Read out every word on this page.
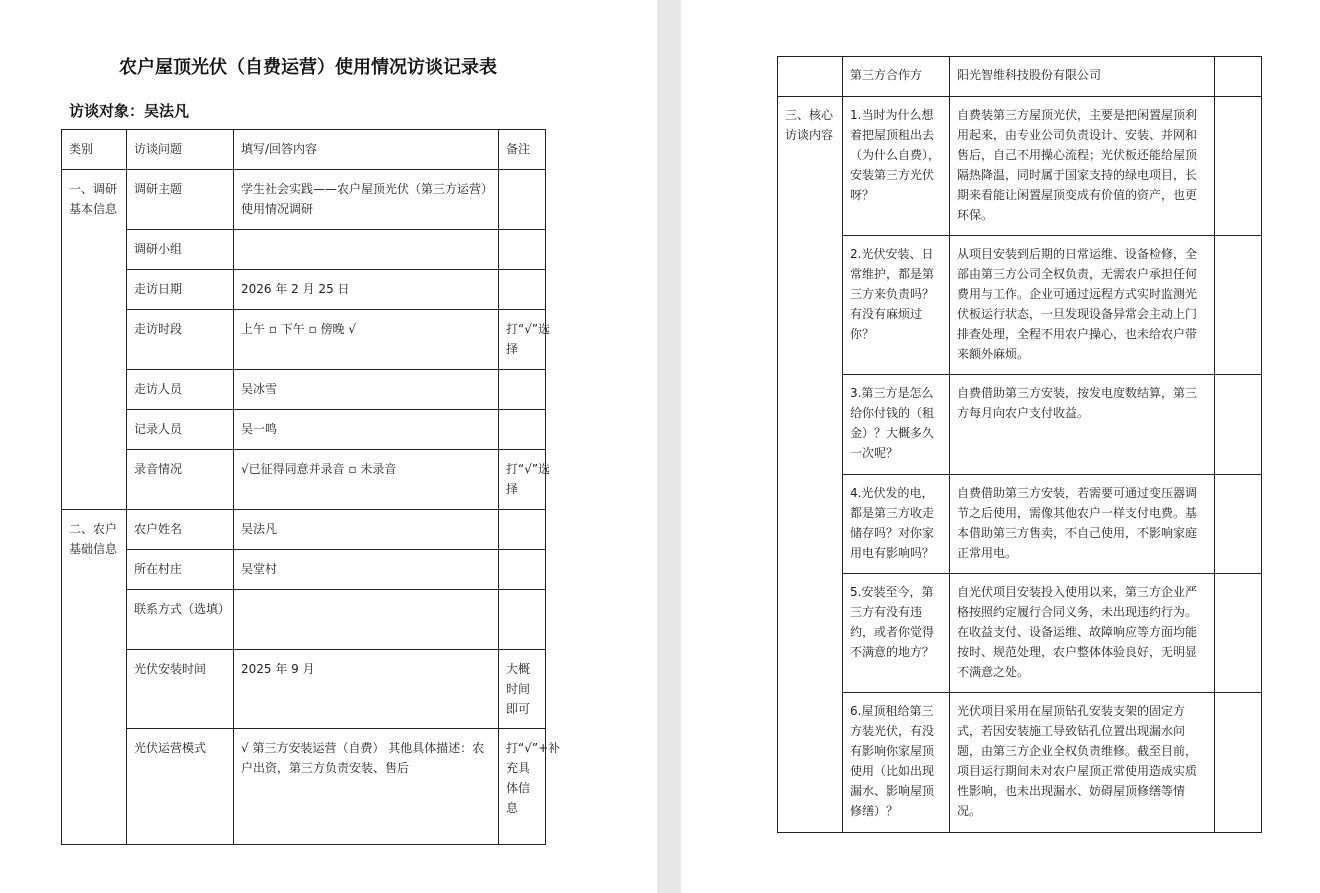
农户屋顶光伏（自费运营）使用情况访谈记录表
访谈对象：吴法凡
类别	访谈问题	填写/回答内容	备注
一、调研基本信息	调研主题	学生社会实践——农户屋顶光伏（第三方运营）使用情况调研	
	调研小组		
	走访日期	2026 年 2 月 25 日	
	走访时段	上午 ▫ 下午 ▫ 傍晚 √	打“√”选择
	走访人员	吴冰雪	
	记录人员	吴一鸣	
	录音情况	√已征得同意并录音 ▫ 未录音	打“√”选择
二、农户基础信息	农户姓名	吴法凡	
	所在村庄	吴堂村	
	联系方式（选填）		
	光伏安装时间	2025 年 9 月	大概时间即可
	光伏运营模式	√ 第三方安装运营（自费） 其他具体描述：农户出资，第三方负责安装、售后	打“√”+补充具体信息
	第三方合作方	阳光智维科技股份有限公司	
三、核心访谈内容	1.当时为什么想着把屋顶租出去（为什么自费），安装第三方光伏呀？	自费装第三方屋顶光伏，主要是把闲置屋顶利用起来，由专业公司负责设计、安装、并网和售后，自己不用操心流程；光伏板还能给屋顶隔热降温，同时属于国家支持的绿电项目，长期来看能让闲置屋顶变成有价值的资产，也更环保。	
	2.光伏安装、日常维护，都是第三方来负责吗？有没有麻烦过你？	从项目安装到后期的日常运维、设备检修，全部由第三方公司全权负责，无需农户承担任何费用与工作。企业可通过远程方式实时监测光伏板运行状态，一旦发现设备异常会主动上门排查处理，全程不用农户操心，也未给农户带来额外麻烦。	
	3.第三方是怎么给你付钱的（租金）？大概多久一次呢？	自费借助第三方安装，按发电度数结算，第三方每月向农户支付收益。	
	4.光伏发的电，都是第三方收走储存吗？对你家用电有影响吗？	自费借助第三方安装，若需要可通过变压器调节之后使用，需像其他农户一样支付电费。基本借助第三方售卖，不自己使用，不影响家庭正常用电。	
	5.安装至今，第三方有没有违约，或者你觉得不满意的地方？	自光伏项目安装投入使用以来，第三方企业严格按照约定履行合同义务，未出现违约行为。在收益支付、设备运维、故障响应等方面均能按时、规范处理，农户整体体验良好，无明显不满意之处。	
	6.屋顶租给第三方装光伏，有没有影响你家屋顶使用（比如出现漏水、影响屋顶修缮）？	光伏项目采用在屋顶钻孔安装支架的固定方式，若因安装施工导致钻孔位置出现漏水问题，由第三方企业全权负责维修。截至目前，项目运行期间未对农户屋顶正常使用造成实质性影响，也未出现漏水、妨碍屋顶修缮等情况。	
